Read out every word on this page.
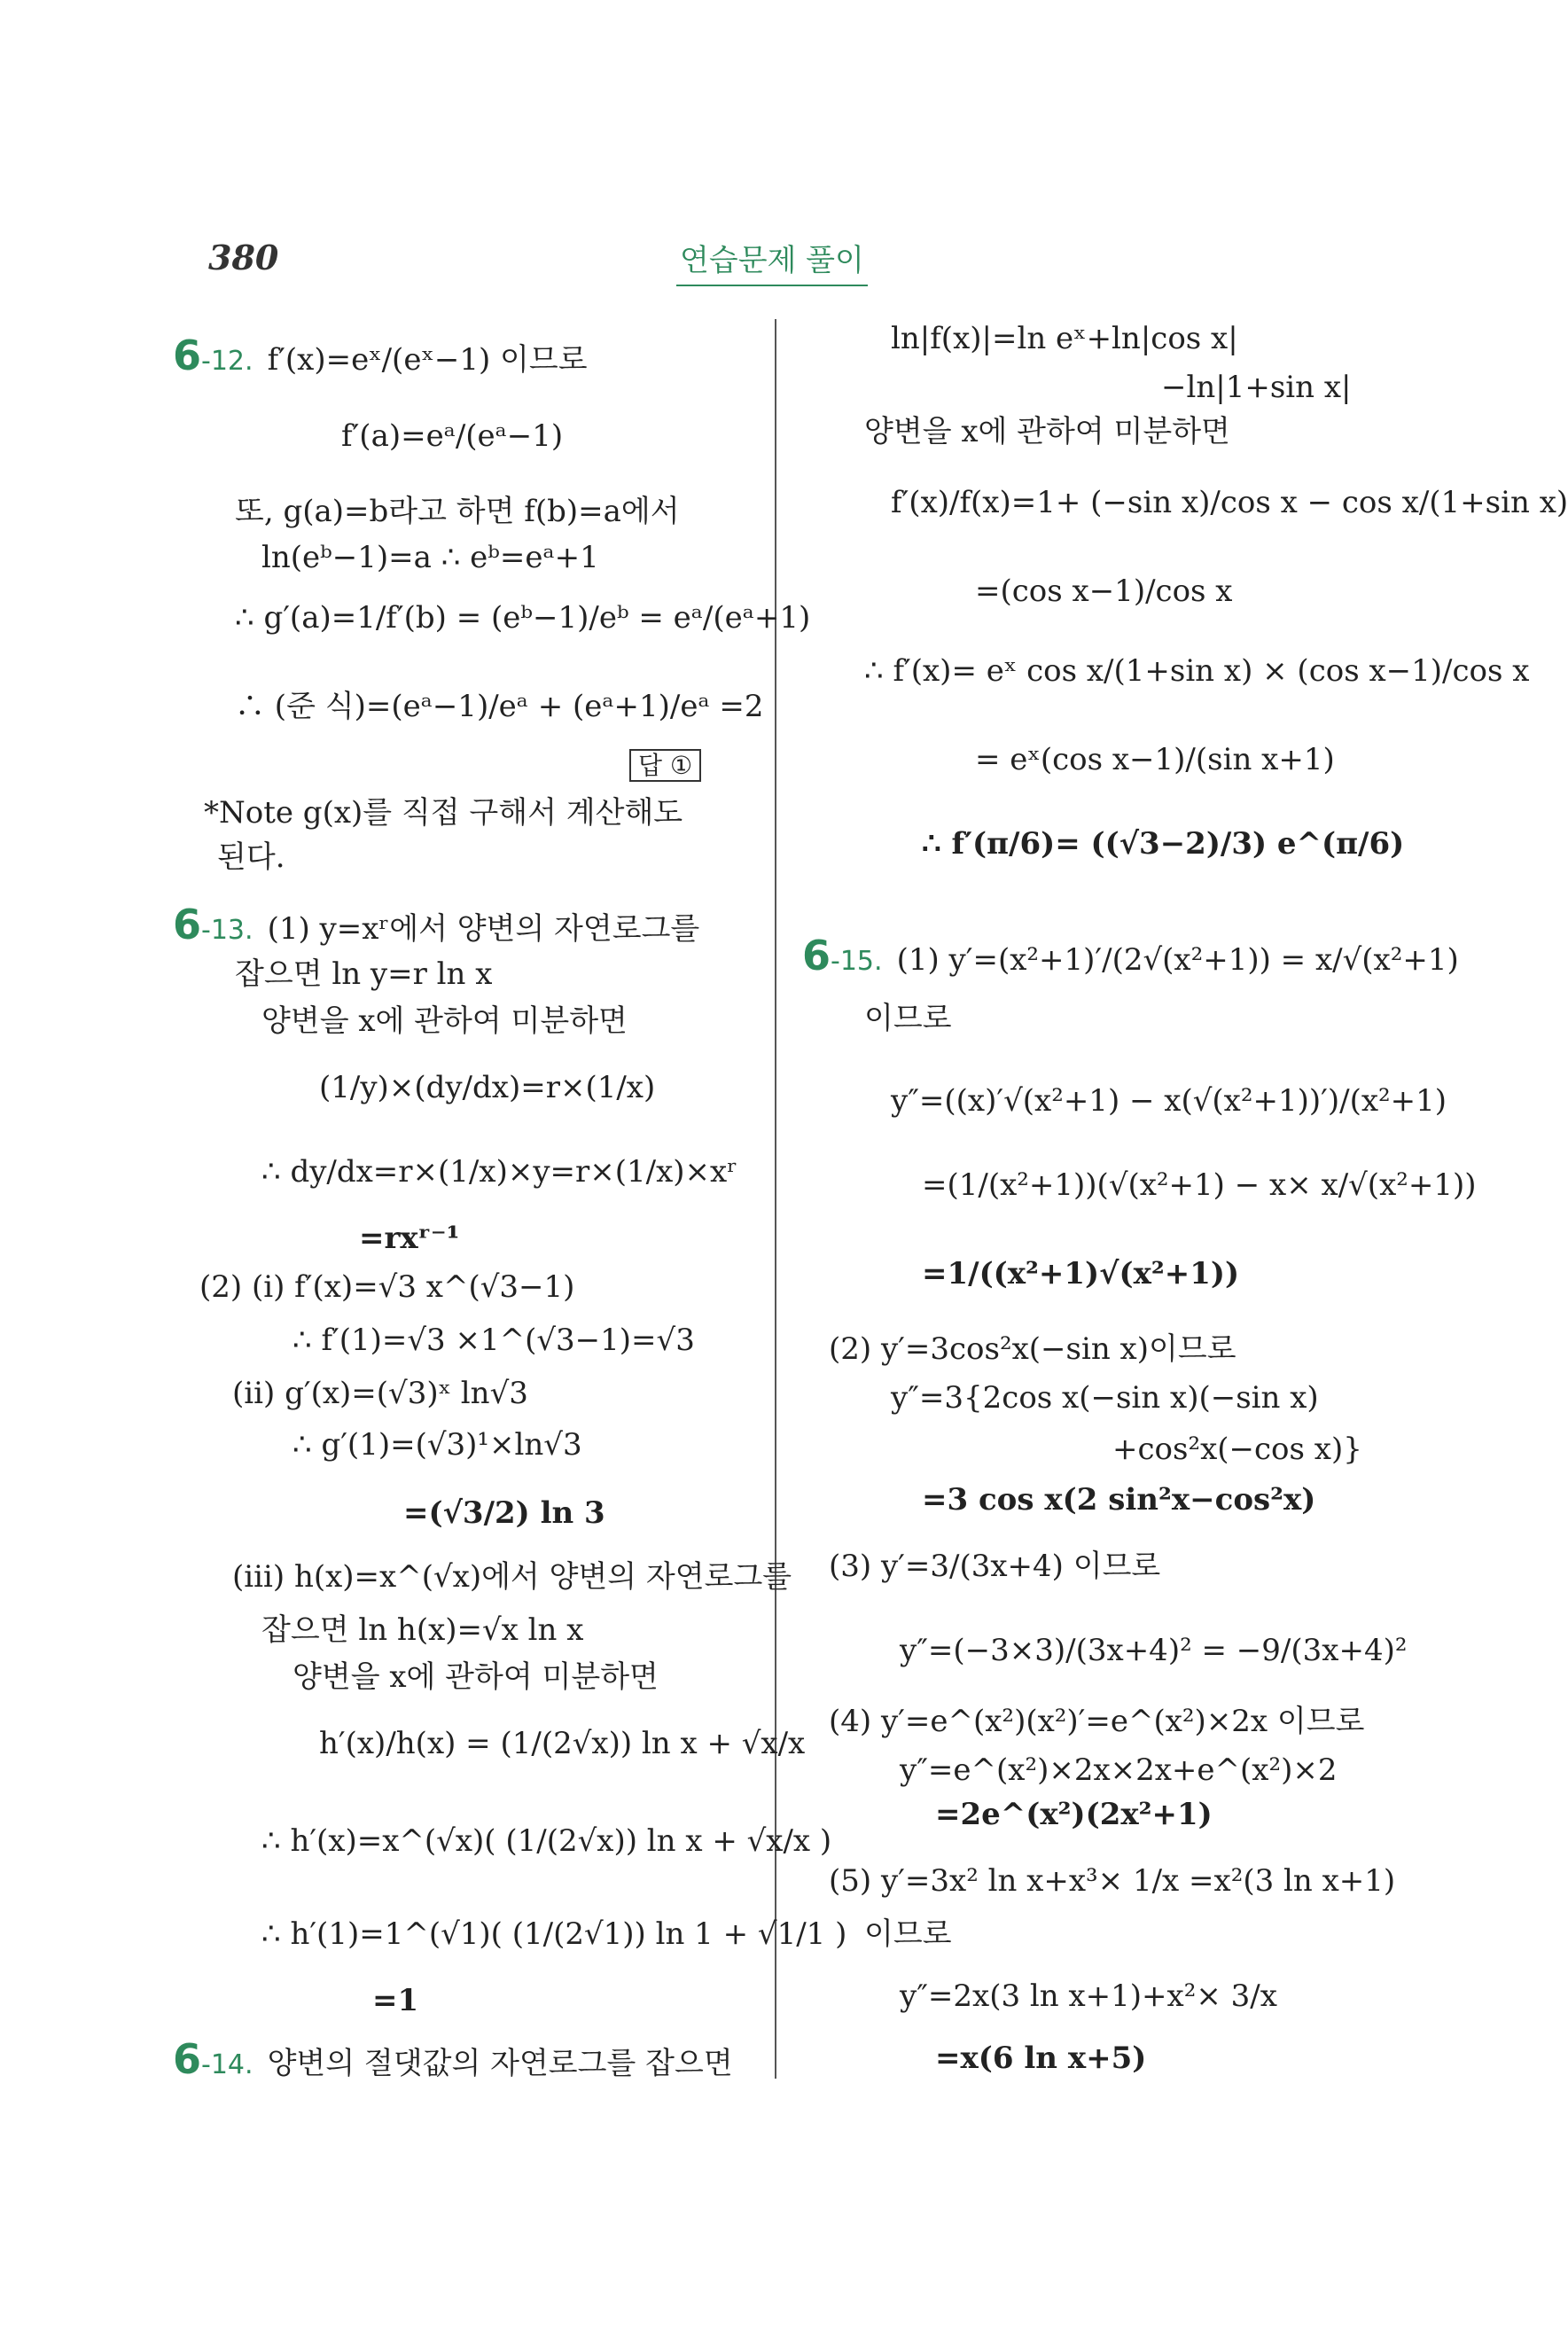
380	연습문제 풀이
6-12. f′(x)=eˣ/(eˣ−1) 이므로
f′(a)=eᵃ/(eᵃ−1)
또, g(a)=b라고 하면 f(b)=a에서
ln(eᵇ−1)=a ∴ eᵇ=eᵃ+1
∴ g′(a)=1/f′(b) = (eᵇ−1)/eᵇ = eᵃ/(eᵃ+1)
∴ (준 식)=(eᵃ−1)/eᵃ + (eᵃ+1)/eᵃ =2
답 ①
*Note g(x)를 직접 구해서 계산해도
된다.
6-13. (1) y=xʳ에서 양변의 자연로그를
잡으면 ln y=r ln x
양변을 x에 관하여 미분하면
(1/y)×(dy/dx)=r×(1/x)
∴ dy/dx=r×(1/x)×y=r×(1/x)×xʳ
=rxʳ⁻¹
(2) (i) f′(x)=√3 x^(√3−1)
∴ f′(1)=√3 ×1^(√3−1)=√3
(ii) g′(x)=(√3)ˣ ln√3
∴ g′(1)=(√3)¹×ln√3
=(√3/2) ln 3
(iii) h(x)=x^(√x)에서 양변의 자연로그를
잡으면 ln h(x)=√x ln x
양변을 x에 관하여 미분하면
h′(x)/h(x) = (1/(2√x)) ln x + √x/x
∴ h′(x)=x^(√x)( (1/(2√x)) ln x + √x/x )
∴ h′(1)=1^(√1)( (1/(2√1)) ln 1 + √1/1 )
=1
6-14. 양변의 절댓값의 자연로그를 잡으면
ln|f(x)|=ln eˣ+ln|cos x|
−ln|1+sin x|
양변을 x에 관하여 미분하면
f′(x)/f(x)=1+ (−sin x)/cos x − cos x/(1+sin x)
=(cos x−1)/cos x
∴ f′(x)= eˣ cos x/(1+sin x) × (cos x−1)/cos x
= eˣ(cos x−1)/(sin x+1)
∴ f′(π/6)= ((√3−2)/3) e^(π/6)
6-15. (1) y′=(x²+1)′/(2√(x²+1)) = x/√(x²+1)
이므로
y″=((x)′√(x²+1) − x(√(x²+1))′)/(x²+1)
=(1/(x²+1))(√(x²+1) − x× x/√(x²+1))
=1/((x²+1)√(x²+1))
(2) y′=3cos²x(−sin x)이므로
y″=3{2cos x(−sin x)(−sin x)
+cos²x(−cos x)}
=3 cos x(2 sin²x−cos²x)
(3) y′=3/(3x+4) 이므로
y″=(−3×3)/(3x+4)² = −9/(3x+4)²
(4) y′=e^(x²)(x²)′=e^(x²)×2x 이므로
y″=e^(x²)×2x×2x+e^(x²)×2
=2e^(x²)(2x²+1)
(5) y′=3x² ln x+x³× 1/x =x²(3 ln x+1)
이므로
y″=2x(3 ln x+1)+x²× 3/x
=x(6 ln x+5)
